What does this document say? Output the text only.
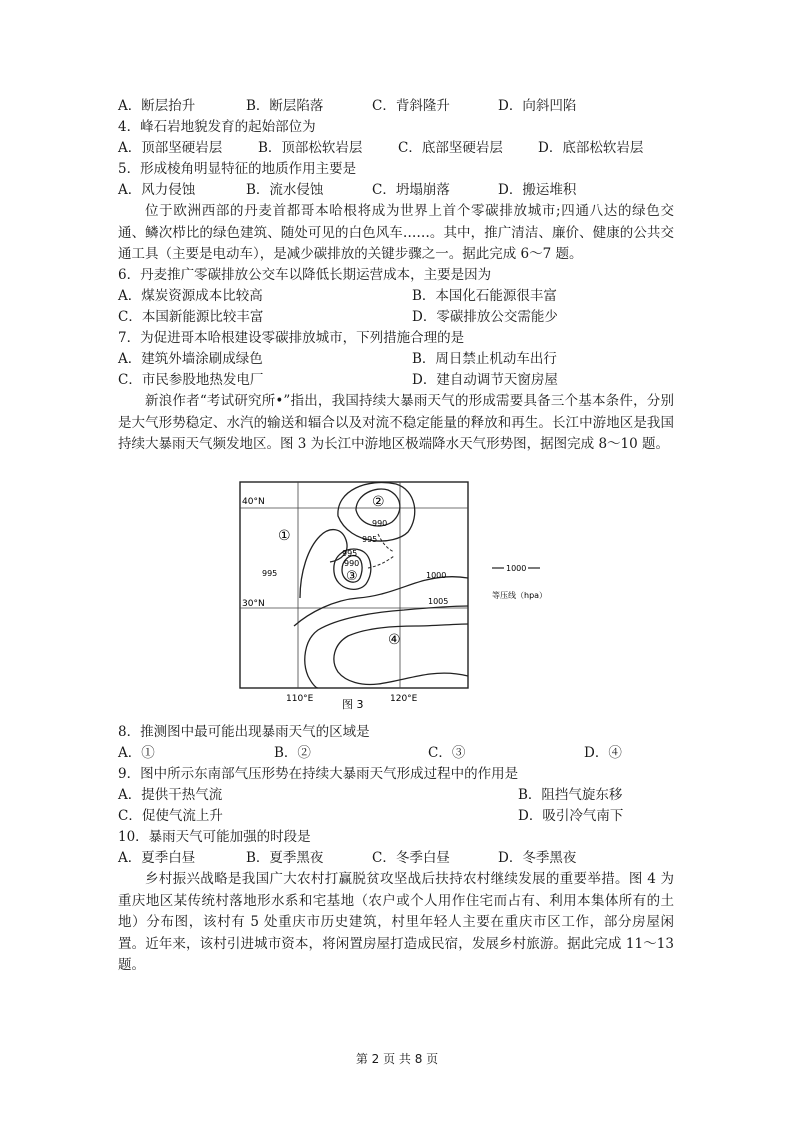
A．断层抬升	B．断层陷落	C．背斜隆升	D．向斜凹陷
4．峰石岩地貌发育的起始部位为
A．顶部坚硬岩层	B．顶部松软岩层	C．底部坚硬岩层	D．底部松软岩层
5．形成棱角明显特征的地质作用主要是
A．风力侵蚀	B．流水侵蚀	C．坍塌崩落	D．搬运堆积
位于欧洲西部的丹麦首都哥本哈根将成为世界上首个零碳排放城市;四通八达的绿色交通、鳞次栉比的绿色建筑、随处可见的白色风车……。其中，推广清洁、廉价、健康的公共交通工具（主要是电动车），是减少碳排放的关键步骤之一。据此完成 6～7 题。
6．丹麦推广零碳排放公交车以降低长期运营成本，主要是因为
A．煤炭资源成本比较高	B．本国化石能源很丰富
C．本国新能源比较丰富	D．零碳排放公交需能少
7．为促进哥本哈根建设零碳排放城市，下列措施合理的是
A．建筑外墙涂刷成绿色	B．周日禁止机动车出行
C．市民参股地热发电厂	D．建自动调节天窗房屋
新浪作者“考试研究所•”指出，我国持续大暴雨天气的形成需要具备三个基本条件，分别是大气形势稳定、水汽的输送和辐合以及对流不稳定能量的释放和再生。长江中游地区是我国持续大暴雨天气频发地区。图 3 为长江中游地区极端降水天气形势图，据图完成 8～10 题。
40°N
30°N
110°E	120°E
①
②
③
④
990
995
995
990
995	1000
1005
图 3
1000
等压线（hpa）
8．推测图中最可能出现暴雨天气的区域是
A．①	B．②	C．③	D．④
9．图中所示东南部气压形势在持续大暴雨天气形成过程中的作用是
A．提供干热气流	B．阻挡气旋东移
C．促使气流上升	D．吸引冷气南下
10．暴雨天气可能加强的时段是
A．夏季白昼	B．夏季黑夜	C．冬季白昼	D．冬季黑夜
乡村振兴战略是我国广大农村打赢脱贫攻坚战后扶持农村继续发展的重要举措。图 4 为重庆地区某传统村落地形水系和宅基地（农户或个人用作住宅而占有、利用本集体所有的土地）分布图，该村有 5 处重庆市历史建筑，村里年轻人主要在重庆市区工作，部分房屋闲置。近年来，该村引进城市资本，将闲置房屋打造成民宿，发展乡村旅游。据此完成 11～13 题。
第 2 页 共 8 页
